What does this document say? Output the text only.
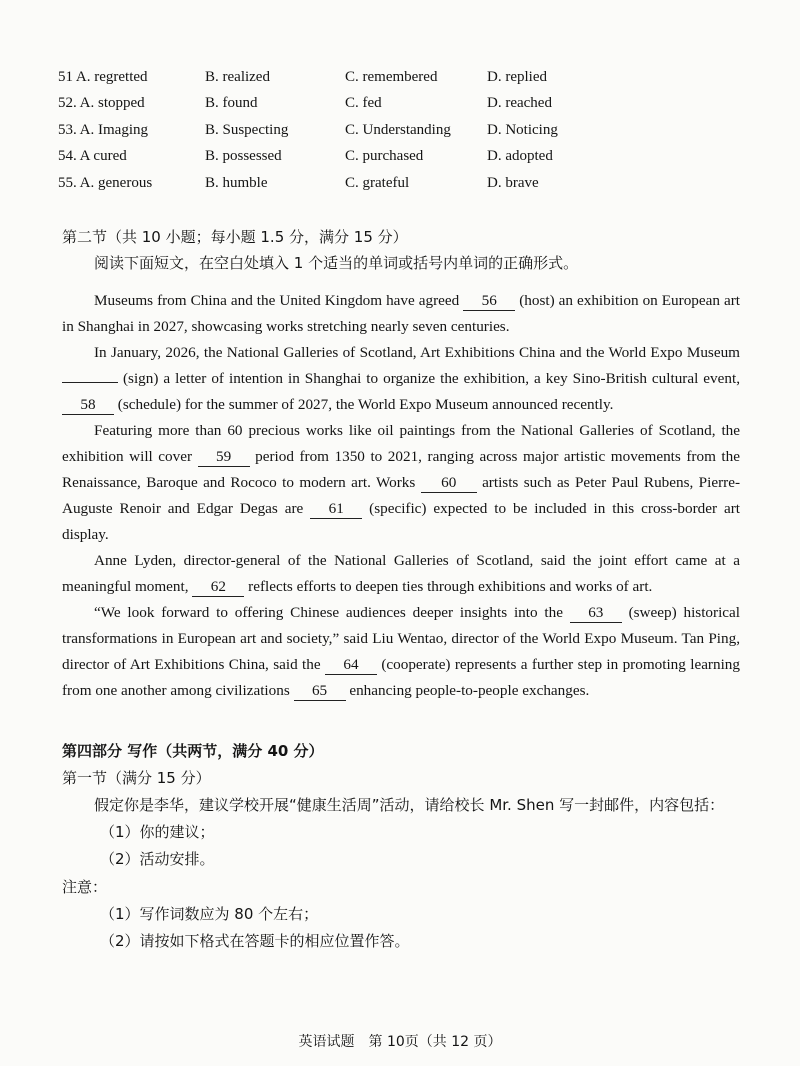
51 A. regretted	B. realized	C. remembered	D. replied
52. A. stopped	B. found	C. fed	D. reached
53. A. Imaging	B. Suspecting	C. Understanding	D. Noticing
54. A cured	B. possessed	C. purchased	D. adopted
55. A. generous	B. humble	C. grateful	D. brave
第二节（共 10 小题；每小题 1.5 分，满分 15 分）
阅读下面短文，在空白处填入 1 个适当的单词或括号内单词的正确形式。

Museums from China and the United Kingdom have agreed 56 (host) an exhibition on European art in Shanghai in 2027, showcasing works stretching nearly seven centuries.

In January, 2026, the National Galleries of Scotland, Art Exhibitions China and the World Expo Museum  (sign) a letter of intention in Shanghai to organize the exhibition, a key Sino-British cultural event, 58 (schedule) for the summer of 2027, the World Expo Museum announced recently.

Featuring more than 60 precious works like oil paintings from the National Galleries of Scotland, the exhibition will cover 59 period from 1350 to 2021, ranging across major artistic movements from the Renaissance, Baroque and Rococo to modern art. Works 60 artists such as Peter Paul Rubens, Pierre-Auguste Renoir and Edgar Degas are 61 (specific) expected to be included in this cross-border art display.

Anne Lyden, director-general of the National Galleries of Scotland, said the joint effort came at a meaningful moment, 62 reflects efforts to deepen ties through exhibitions and works of art.

“We look forward to offering Chinese audiences deeper insights into the 63 (sweep) historical transformations in European art and society,” said Liu Wentao, director of the World Expo Museum. Tan Ping, director of Art Exhibitions China, said the 64 (cooperate) represents a further step in promoting learning from one another among civilizations 65 enhancing people-to-people exchanges.

第四部分 写作（共两节，满分 40 分）
第一节（满分 15 分）
假定你是李华，建议学校开展“健康生活周”活动，请给校长 Mr. Shen 写一封邮件，内容包括：
（1）你的建议；
（2）活动安排。
注意：
（1）写作词数应为 80 个左右；
（2）请按如下格式在答题卡的相应位置作答。
英语试题　第 10页（共 12 页）
